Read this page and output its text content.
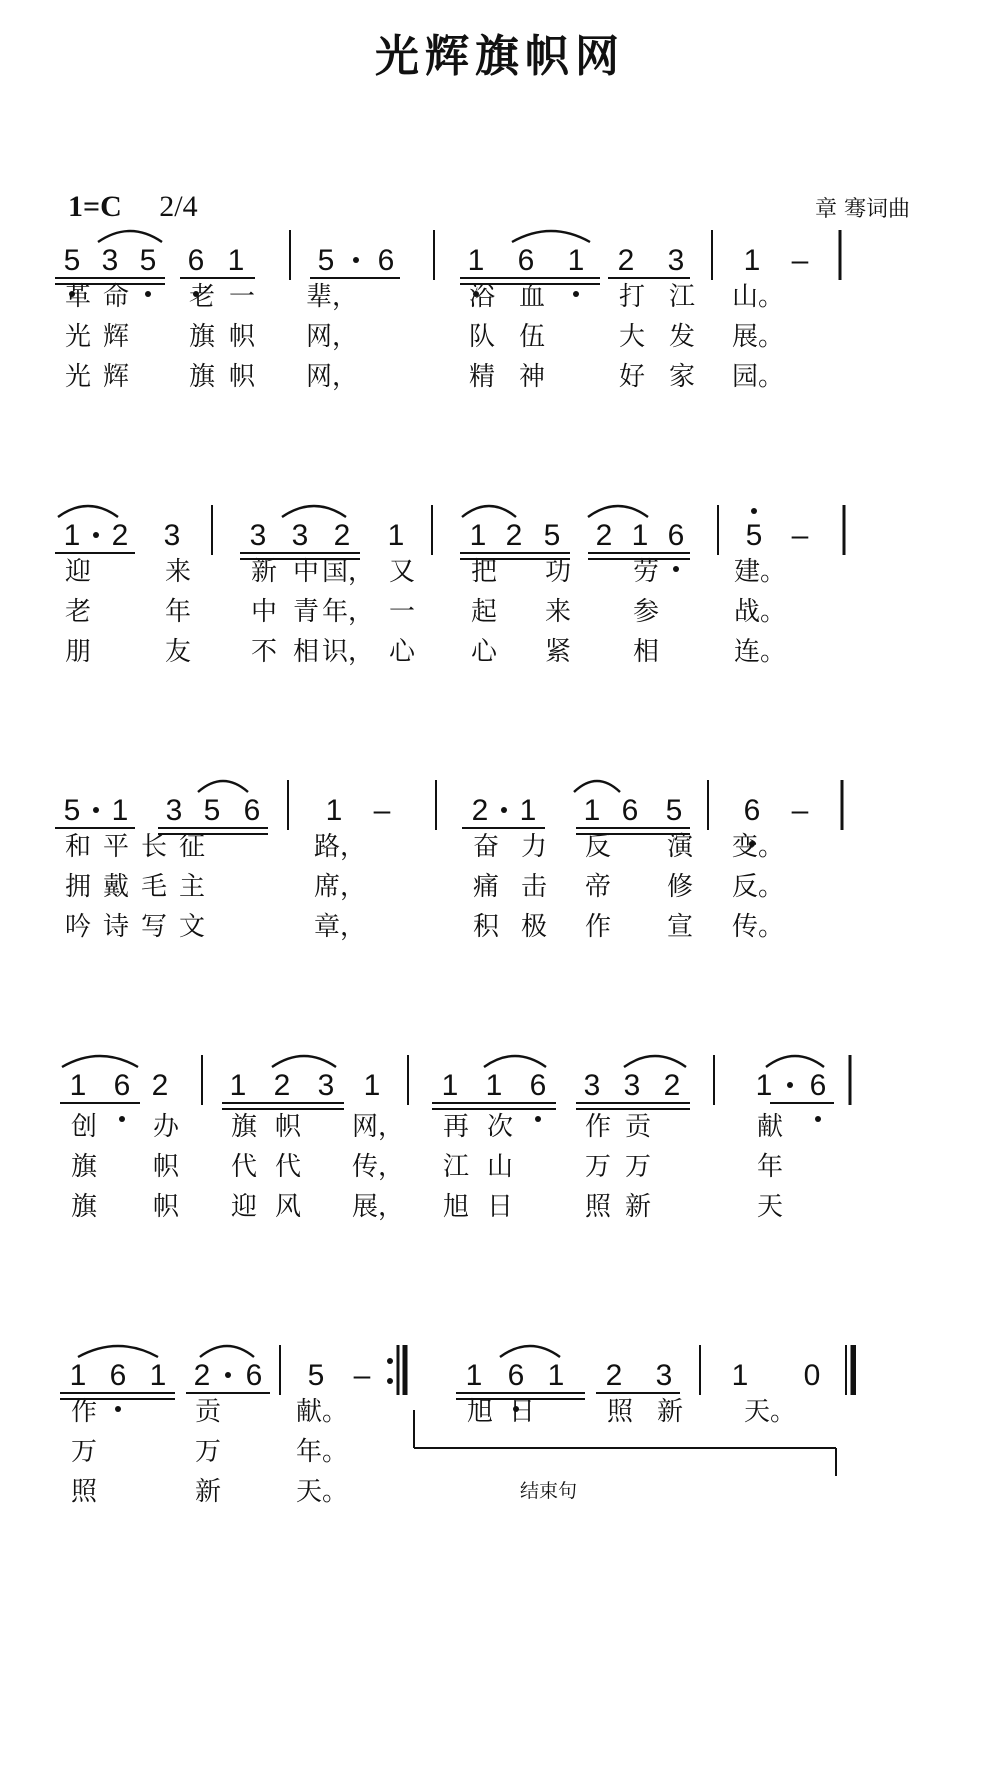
光辉旗帜网
1=C 2/4	章 骞词曲
结束句
5 3 5 6 1 5 6 1 6 1 2 3 1 –
革 命 老 一 辈，	浴 血	打 江 山。
光 辉 旗 帜 网，	队 伍	大 发 展。
光 辉 旗 帜 网，	精 神	好 家 园。
1 2 3 3 3 2 1 1 2 5 2 1 6 5 –
迎	来 新 中 国， 又 把 功 劳	建。
老	年 中 青 年， 一 起 来 参	战。
朋	友 不 相 识， 心 心 紧 相	连。
5 1 3 5 6 1 –	2 1 1 6 5 6 –
和 平 长 征	路，	奋 力 反 演 变。
拥 戴 毛 主	席，	痛 击 帝 修 反。
吟 诗 写 文	章，	积 极 作 宣 传。
1 6 2 1 2 3 1 1 1 6 3 3 2	1 6
创 办 旗 帜 网， 再 次	作 贡	献
旗 帜 代 代 传， 江 山	万 万	年
旗 帜 迎 风 展， 旭 日	照 新	天
1 6 1 2 6 5 –	1 6 1 2 3 1 0
作	贡	献。	旭 日	照 新 天。
万	万	年。
照	新	天。
